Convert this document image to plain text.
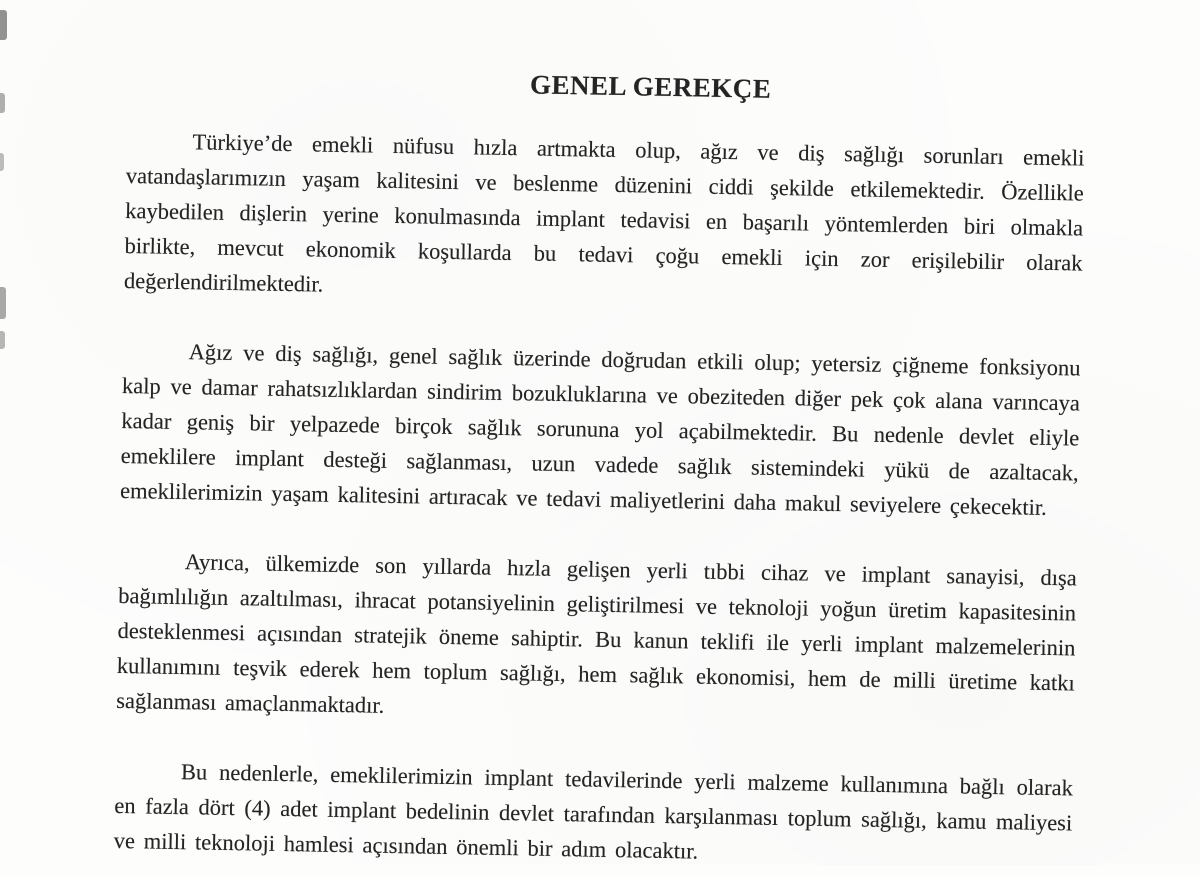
GENEL GEREKÇE

Türkiye’de emekli nüfusu hızla artmakta olup, ağız ve diş sağlığı sorunları emekli vatandaşlarımızın yaşam kalitesini ve beslenme düzenini ciddi şekilde etkilemektedir. Özellikle kaybedilen dişlerin yerine konulmasında implant tedavisi en başarılı yöntemlerden biri olmakla birlikte, mevcut ekonomik koşullarda bu tedavi çoğu emekli için zor erişilebilir olarak değerlendirilmektedir.

Ağız ve diş sağlığı, genel sağlık üzerinde doğrudan etkili olup; yetersiz çiğneme fonksiyonu kalp ve damar rahatsızlıklardan sindirim bozukluklarına ve obeziteden diğer pek çok alana varıncaya kadar geniş bir yelpazede birçok sağlık sorununa yol açabilmektedir. Bu nedenle devlet eliyle emeklilere implant desteği sağlanması, uzun vadede sağlık sistemindeki yükü de azaltacak, emeklilerimizin yaşam kalitesini artıracak ve tedavi maliyetlerini daha makul seviyelere çekecektir.

Ayrıca, ülkemizde son yıllarda hızla gelişen yerli tıbbi cihaz ve implant sanayisi, dışa bağımlılığın azaltılması, ihracat potansiyelinin geliştirilmesi ve teknoloji yoğun üretim kapasitesinin desteklenmesi açısından stratejik öneme sahiptir. Bu kanun teklifi ile yerli implant malzemelerinin kullanımını teşvik ederek hem toplum sağlığı, hem sağlık ekonomisi, hem de milli üretime katkı sağlanması amaçlanmaktadır.

Bu nedenlerle, emeklilerimizin implant tedavilerinde yerli malzeme kullanımına bağlı olarak en fazla dört (4) adet implant bedelinin devlet tarafından karşılanması toplum sağlığı, kamu maliyesi ve milli teknoloji hamlesi açısından önemli bir adım olacaktır.
